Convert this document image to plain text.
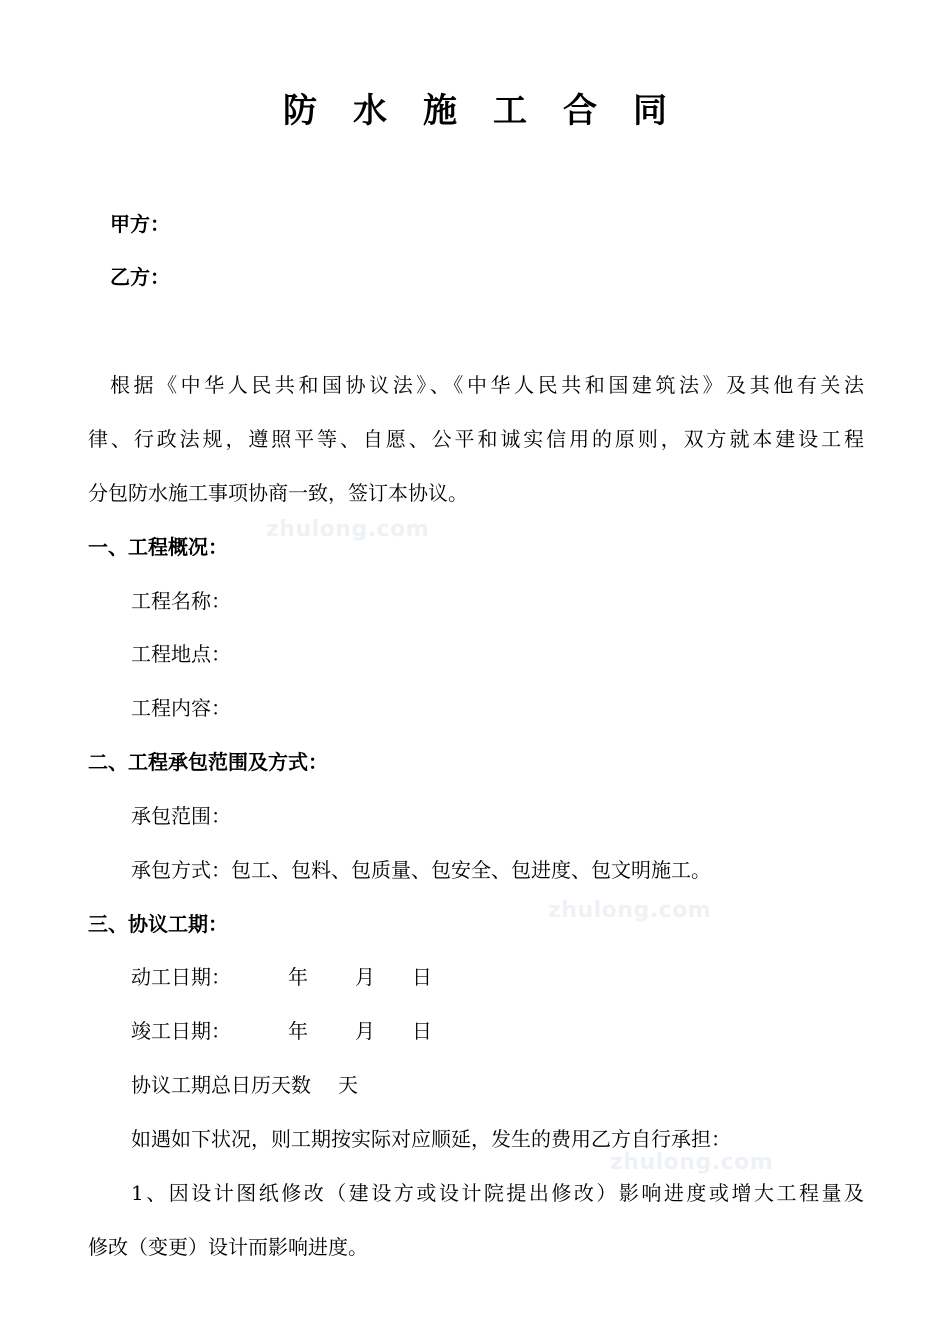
防水施工合同
甲方：
乙方：
根据《中华人民共和国协议法》、《中华人民共和国建筑法》及其他有关法
律、行政法规，遵照平等、自愿、公平和诚实信用的原则，双方就本建设工程
分包防水施工事项协商一致，签订本协议。
一、工程概况：
工程名称：
工程地点：
工程内容：
二、工程承包范围及方式：
承包范围：
承包方式：包工、包料、包质量、包安全、包进度、包文明施工。
三、协议工期：
动工日期：	年 月 日
竣工日期：	年 月 日
协议工期总日历天数 天
如遇如下状况，则工期按实际对应顺延，发生的费用乙方自行承担：
1、因设计图纸修改（建设方或设计院提出修改）影响进度或增大工程量及
修改（变更）设计而影响进度。
zhulong.com
zhulong.com
zhulong.com
